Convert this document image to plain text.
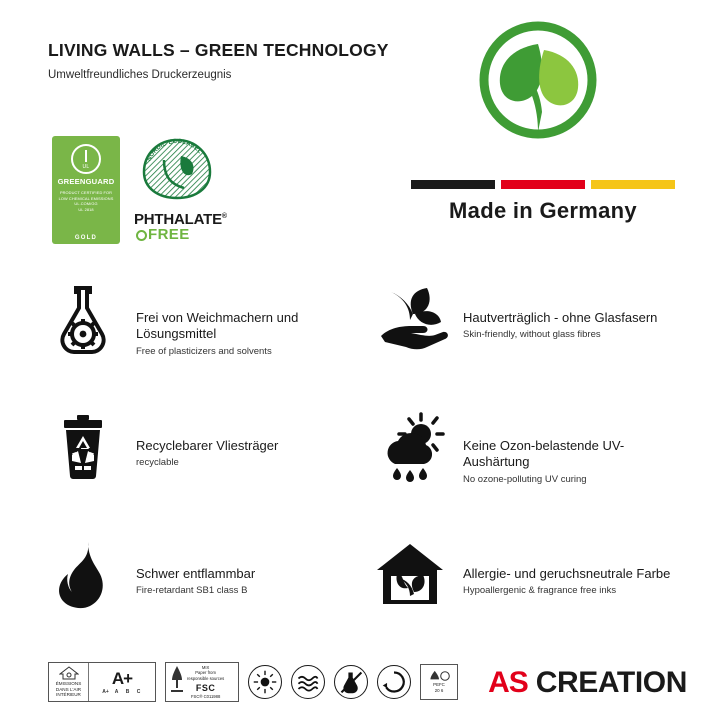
LIVING WALLS – GREEN TECHNOLOGY
Umweltfreundliches Druckerzeugnis
Made in Germany
UL
GREENGUARD
PRODUCT CERTIFIED FOR
LOW CHEMICAL EMISSIONS
UL.COM/GG
UL 2818
GOLD
NORDIC ECOLABEL
PHTHALATE®
FREE
Frei von Weichmachern und Lösungsmittel
Free of plasticizers and solvents
Hautverträglich - ohne Glasfasern
Skin-friendly, without glass fibres
Recyclebarer Vliesträger
recyclable
Keine Ozon-belastende UV-Aushärtung
No ozone-polluting UV curing
Schwer entflammbar
Fire-retardant SB1 class B
Allergie- und geruchsneutrale Farbe
Hypoallergenic & fragrance free inks
ÉMISSIONS DANS L'AIR INTÉRIEUR
A+
A+	A	B	C
MIX
Paper from
responsible sources
FSC
FSC® C011988
PEFC
20 6 AS CREATION
